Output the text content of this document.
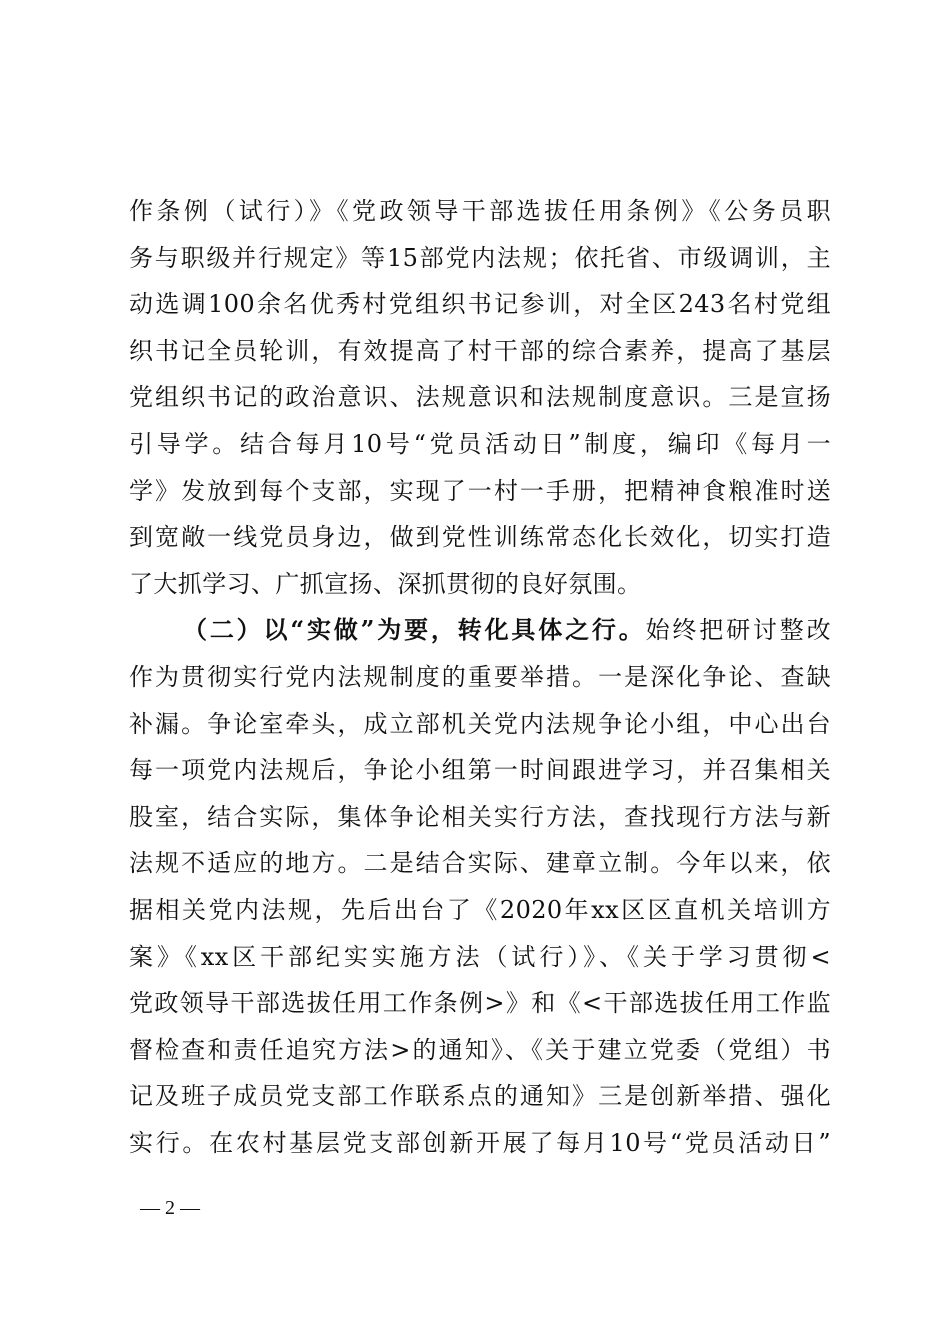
作条例（试行）》《党政领导干部选拔任用条例》《公务员职
务与职级并行规定》等15部党内法规；依托省、市级调训，主
动选调100余名优秀村党组织书记参训，对全区243名村党组
织书记全员轮训，有效提高了村干部的综合素养，提高了基层
党组织书记的政治意识、法规意识和法规制度意识。三是宣扬
引导学。结合每月10号“党员活动日”制度，编印《每月一
学》发放到每个支部，实现了一村一手册，把精神食粮准时送
到宽敞一线党员身边，做到党性训练常态化长效化，切实打造
了大抓学习、广抓宣扬、深抓贯彻的良好氛围。
（二）以“实做”为要，转化具体之行。始终把研讨整改
作为贯彻实行党内法规制度的重要举措。一是深化争论、查缺
补漏。争论室牵头，成立部机关党内法规争论小组，中心出台
每一项党内法规后，争论小组第一时间跟进学习，并召集相关
股室，结合实际，集体争论相关实行方法，查找现行方法与新
法规不适应的地方。二是结合实际、建章立制。今年以来，依
据相关党内法规，先后出台了《2020年xx区区直机关培训方
案》《xx区干部纪实实施方法（试行）》、《关于学习贯彻<
党政领导干部选拔任用工作条例>》和《<干部选拔任用工作监
督检查和责任追究方法>的通知》、《关于建立党委（党组）书
记及班子成员党支部工作联系点的通知》三是创新举措、强化
实行。在农村基层党支部创新开展了每月10号“党员活动日”
— 2 —
